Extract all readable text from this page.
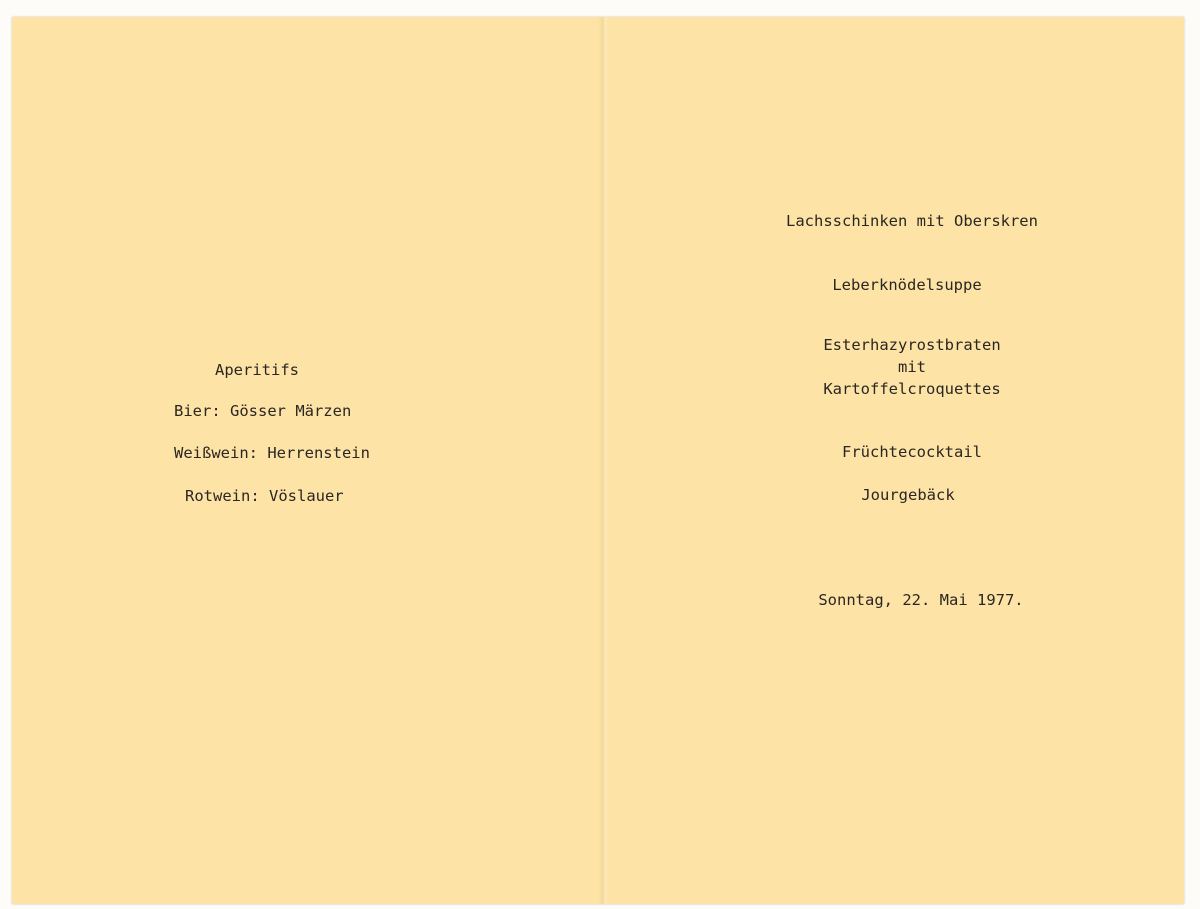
Aperitifs

Bier: Gösser Märzen

Weißwein: Herrenstein

Rotwein: Vöslauer

Lachsschinken mit Oberskren

Leberknödelsuppe

Esterhazyrostbraten

mit

Kartoffelcroquettes

Früchtecocktail

Jourgebäck

Sonntag, 22. Mai 1977.
